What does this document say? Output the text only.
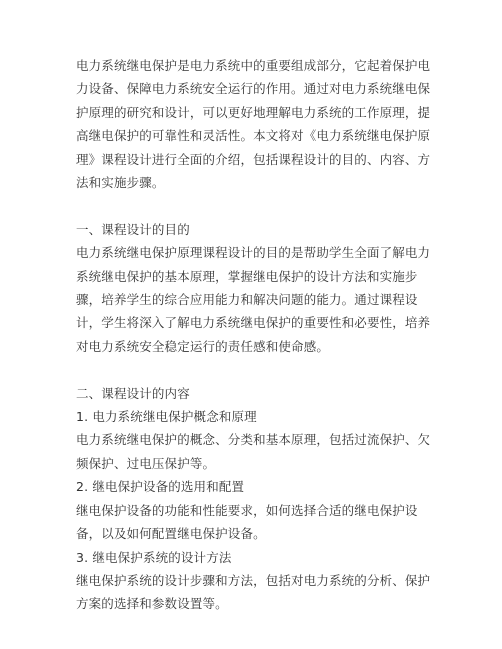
电力系统继电保护是电力系统中的重要组成部分，它起着保护电力设备、保障电力系统安全运行的作用。通过对电力系统继电保护原理的研究和设计，可以更好地理解电力系统的工作原理，提高继电保护的可靠性和灵活性。本文将对《电力系统继电保护原理》课程设计进行全面的介绍，包括课程设计的目的、内容、方法和实施步骤。

一、课程设计的目的

电力系统继电保护原理课程设计的目的是帮助学生全面了解电力系统继电保护的基本原理，掌握继电保护的设计方法和实施步骤，培养学生的综合应用能力和解决问题的能力。通过课程设计，学生将深入了解电力系统继电保护的重要性和必要性，培养对电力系统安全稳定运行的责任感和使命感。

二、课程设计的内容

1. 电力系统继电保护概念和原理

电力系统继电保护的概念、分类和基本原理，包括过流保护、欠频保护、过电压保护等。

2. 继电保护设备的选用和配置

继电保护设备的功能和性能要求，如何选择合适的继电保护设备，以及如何配置继电保护设备。

3. 继电保护系统的设计方法

继电保护系统的设计步骤和方法，包括对电力系统的分析、保护方案的选择和参数设置等。
